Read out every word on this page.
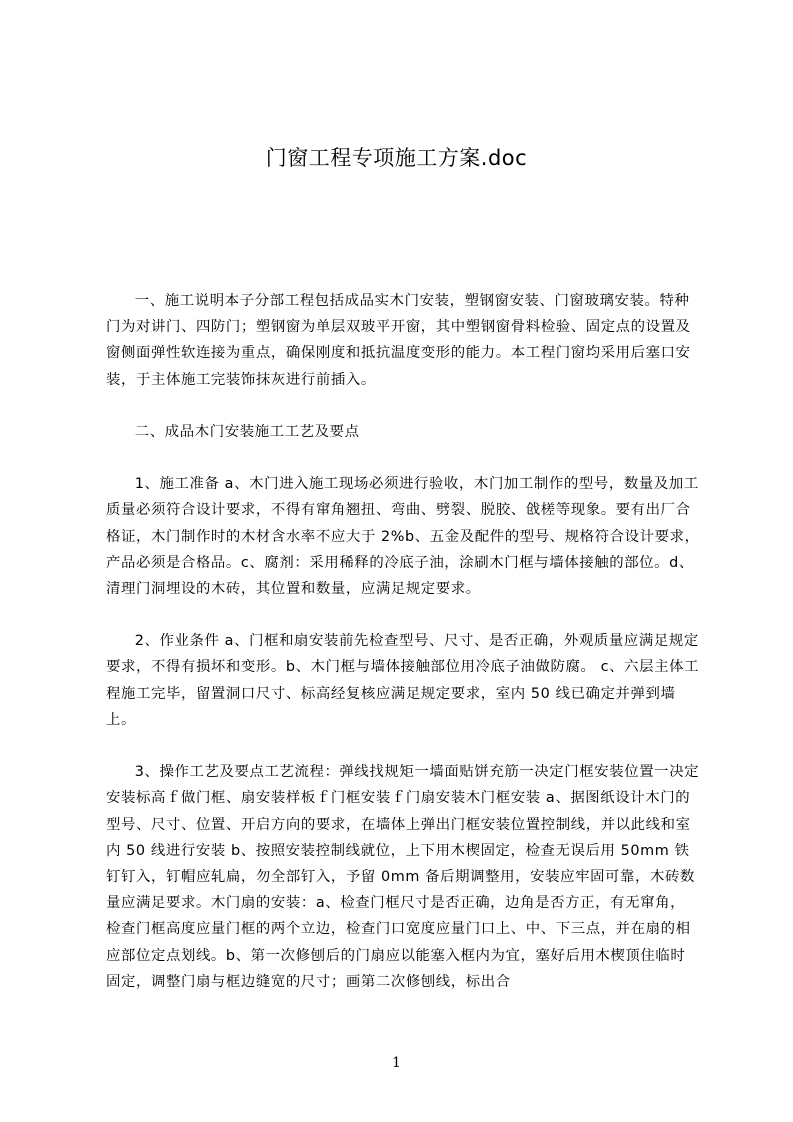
门窗工程专项施工方案.doc

一、施工说明本子分部工程包括成品实木门安装，塑钢窗安装、门窗玻璃安装。特种门为对讲门、四防门；塑钢窗为单层双玻平开窗，其中塑钢窗骨料检验、固定点的设置及窗侧面弹性软连接为重点，确保刚度和抵抗温度变形的能力。本工程门窗均采用后塞口安装，于主体施工完装饰抹灰进行前插入。

二、成品木门安装施工工艺及要点

1、施工准备 a、木门进入施工现场必须进行验收，木门加工制作的型号，数量及加工质量必须符合设计要求，不得有窜角翘扭、弯曲、劈裂、脱胶、戗槎等现象。要有出厂合格证，木门制作时的木材含水率不应大于 2%b、五金及配件的型号、规格符合设计要求，产品必须是合格品。c、腐剂：采用稀释的冷底子油，涂刷木门框与墙体接触的部位。d、清理门洞埋设的木砖，其位置和数量，应满足规定要求。

2、作业条件 a、门框和扇安装前先检查型号、尺寸、是否正确，外观质量应满足规定要求，不得有损坏和变形。b、木门框与墙体接触部位用冷底子油做防腐。 c、六层主体工程施工完毕，留置洞口尺寸、标高经复核应满足规定要求，室内 50 线已确定并弹到墙上。

3、操作工艺及要点工艺流程：弹线找规矩一墙面贴饼充筋一决定门框安装位置一决定安装标高ｆ做门框、扇安装样板ｆ门框安装ｆ门扇安装木门框安装 a、据图纸设计木门的型号、尺寸、位置、开启方向的要求，在墙体上弹出门框安装位置控制线，并以此线和室内 50 线进行安装 b、按照安装控制线就位，上下用木楔固定，检查无误后用 50mm 铁钉钉入，钉帽应轧扁，勿全部钉入，予留 0mm 备后期调整用，安装应牢固可靠，木砖数量应满足要求。木门扇的安装：a、检查门框尺寸是否正确，边角是否方正，有无窜角，检查门框高度应量门框的两个立边，检查门口宽度应量门口上、中、下三点，并在扇的相应部位定点划线。b、第一次修刨后的门扇应以能塞入框内为宜，塞好后用木楔顶住临时固定，调整门扇与框边缝宽的尺寸；画第二次修刨线，标出合

1
